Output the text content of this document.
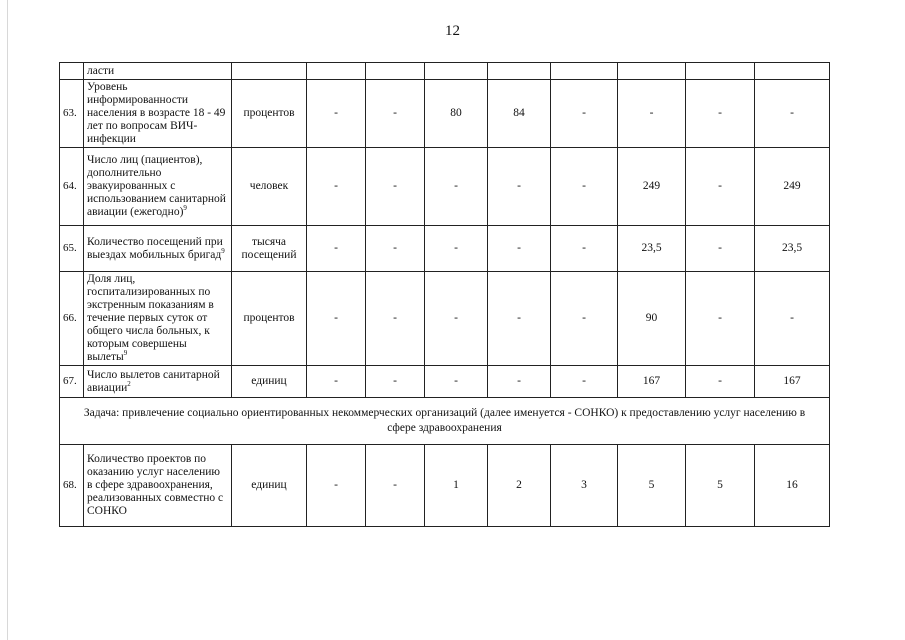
12
	ласти									
63.	Уровень информированности населения в возрасте 18 - 49 лет по вопросам ВИЧ-инфекции	процентов	-	-	80	84	-	-	-	-
64.	Число лиц (пациентов), дополнительно эвакуированных с использованием санитарной авиации (ежегодно)$^9$	человек	-	-	-	-	-	249	-	249
65.	Количество посещений при выездах мобильных бригад$^9$	тысяча посещений	-	-	-	-	-	23,5	-	23,5
66.	Доля лиц, госпитализированных по экстренным показаниям в течение первых суток от общего числа больных, к которым совершены вылеты$^9$	процентов	-	-	-	-	-	90	-	-
67.	Число вылетов санитарной авиации$^2$	единиц	-	-	-	-	-	167	-	167
Задача: привлечение социально ориентированных некоммерческих организаций (далее именуется - СОНКО) к предоставлению услуг населению в сфере здравоохранения										
68.	Количество проектов по оказанию услуг населению в сфере здравоохранения, реализованных совместно с СОНКО	единиц	-	-	1	2	3	5	5	16
